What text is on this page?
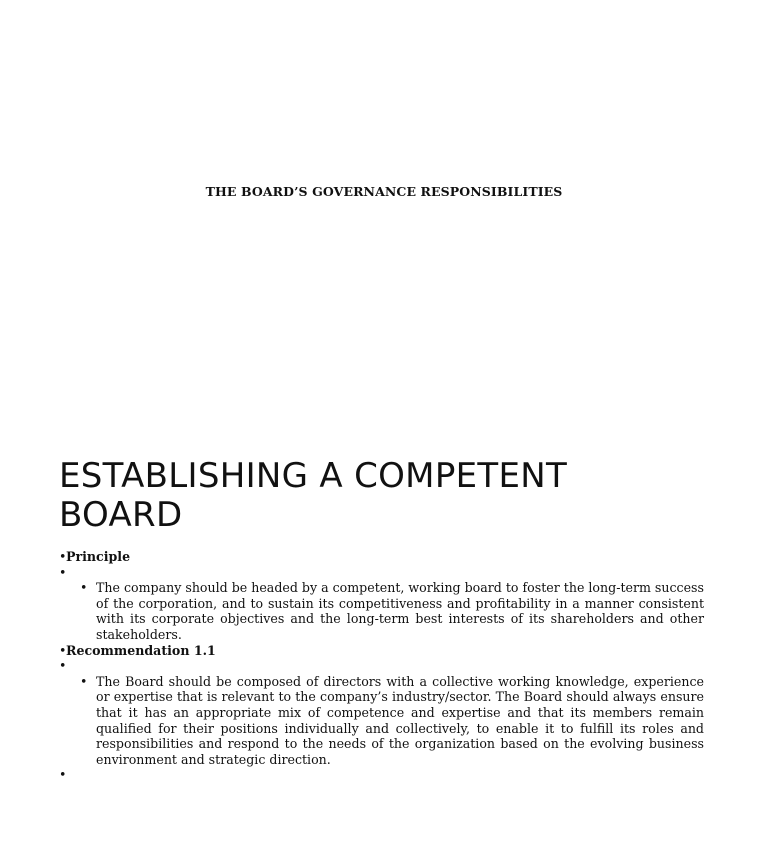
THE BOARD’S GOVERNANCE RESPONSIBILITIES
ESTABLISHING A COMPETENT BOARD
• Principle
•
• The company should be headed by a competent, working board to foster the long-term success of the corporation, and to sustain its competitiveness and profitability in a manner consistent with its corporate objectives and the long-term best interests of its shareholders and other stakeholders.
• Recommendation 1.1
•
• The Board should be composed of directors with a collective working knowledge, experience or expertise that is relevant to the company’s industry/sector. The Board should always ensure that it has an appropriate mix of competence and expertise and that its members remain qualified for their positions individually and collectively, to enable it to fulfill its roles and responsibilities and respond to the needs of the organization based on the evolving business environment and strategic direction.
•
